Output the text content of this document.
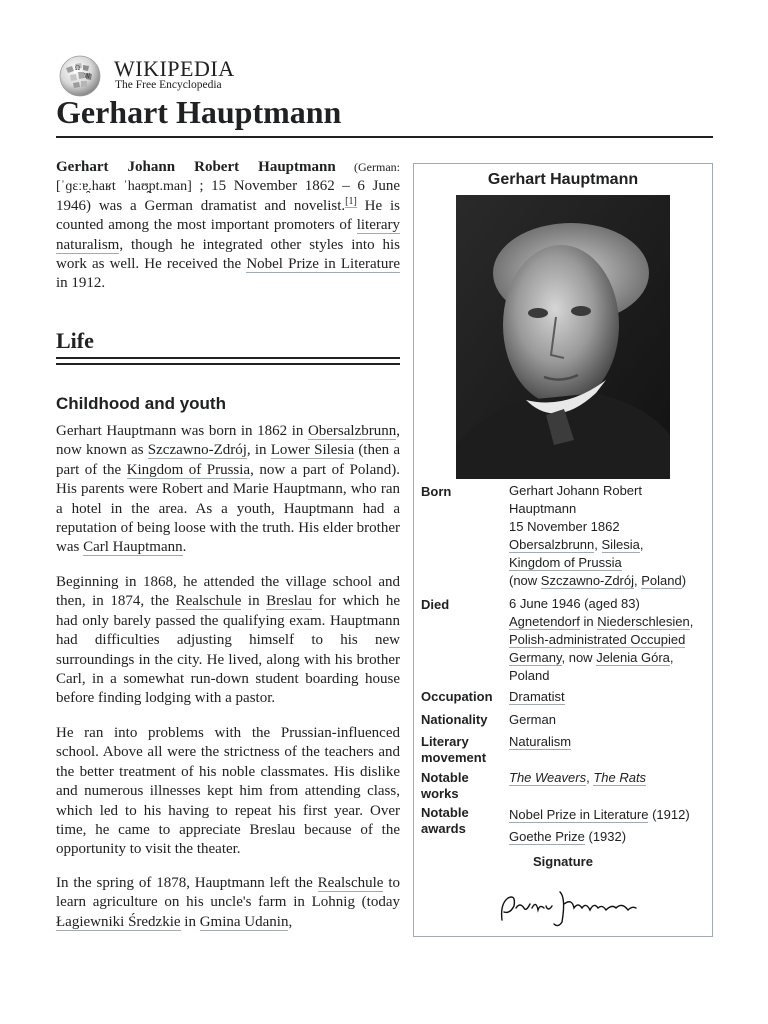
Ω
W WIKIPEDIA
The Free Encyclopedia
Gerhart Hauptmann

Gerhart Johann Robert Hauptmann (German: [ˈɡɛːɐ̯.haʁt ˈhaʊ̯pt.man] ; 15 November 1862 – 6 June 1946) was a German dramatist and novelist.[1] He is counted among the most important promoters of literary naturalism, though he integrated other styles into his work as well. He received the Nobel Prize in Literature in 1912.

Life
Childhood and youth

Gerhart Hauptmann was born in 1862 in Obersalzbrunn, now known as Szczawno-Zdrój, in Lower Silesia (then a part of the Kingdom of Prussia, now a part of Poland). His parents were Robert and Marie Hauptmann, who ran a hotel in the area. As a youth, Hauptmann had a reputation of being loose with the truth. His elder brother was Carl Hauptmann.

Beginning in 1868, he attended the village school and then, in 1874, the Realschule in Breslau for which he had only barely passed the qualifying exam. Hauptmann had difficulties adjusting himself to his new surroundings in the city. He lived, along with his brother Carl, in a somewhat run-down student boarding house before finding lodging with a pastor.

He ran into problems with the Prussian-influenced school. Above all were the strictness of the teachers and the better treatment of his noble classmates. His dislike and numerous illnesses kept him from attending class, which led to his having to repeat his first year. Over time, he came to appreciate Breslau because of the opportunity to visit the theater.

In the spring of 1878, Hauptmann left the Realschule to learn agriculture on his uncle's farm in Lohnig (today Łagiewniki Średzkie in Gmina Udanin,

Gerhart Hauptmann
Born	Gerhart Johann Robert Hauptmann
15 November 1862
Obersalzbrunn, Silesia,
Kingdom of Prussia
(now Szczawno-Zdrój, Poland)
Died	6 June 1946 (aged 83)
Agnetendorf in Niederschlesien,
Polish-administrated Occupied Germany, now Jelenia Góra,
Poland
Occupation Dramatist
Nationality German
Literary
movement
Naturalism
Notable
works
The Weavers, The Rats
Notable
awards
Nobel Prize in Literature (1912)
Goethe Prize (1932)
Signature
